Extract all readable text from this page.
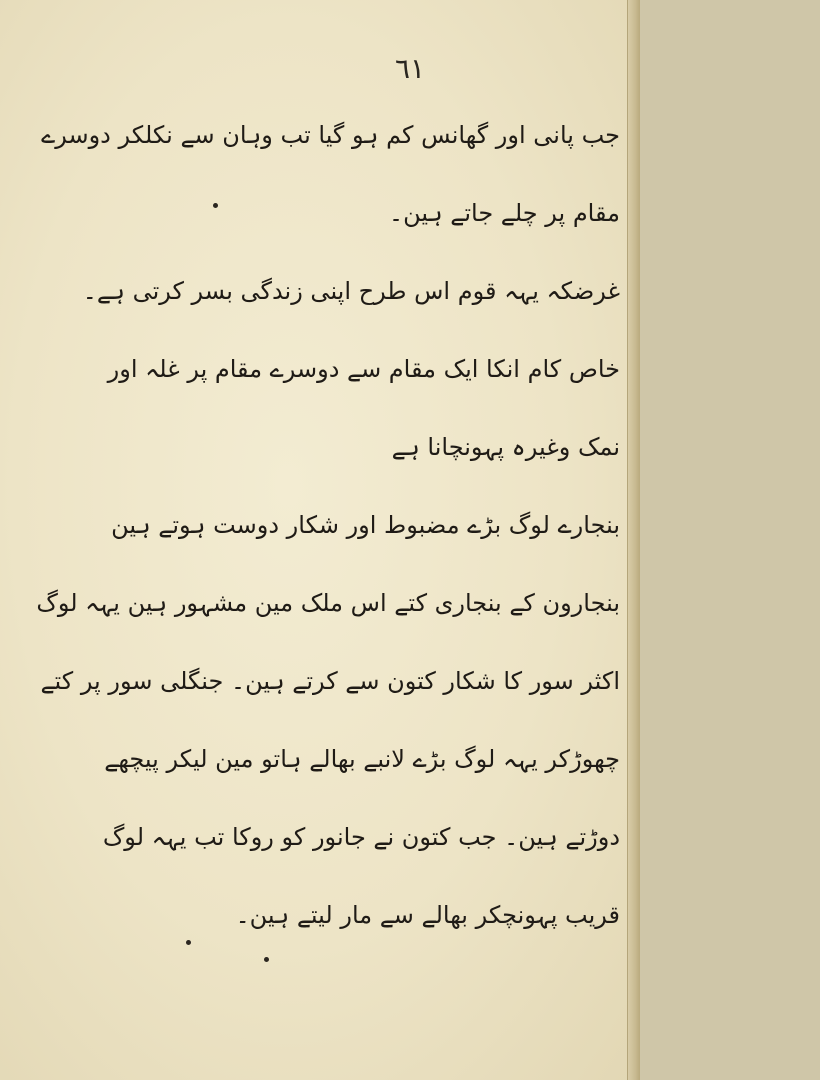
٦١
جب پانی اور گھانس کم ہو گیا تب وہان سے نکلکر دوسرے
مقام پر چلے جاتے ہین۔
غرضکہ یہہ قوم اس طرح اپنی زندگی بسر کرتی ہے۔
خاص کام انکا ایک مقام سے دوسرے مقام پر غلہ اور
نمک وغیرہ پہونچانا ہے
بنجارے لوگ بڑے مضبوط اور شکار دوست ہوتے ہین
بنجارون کے بنجاری کتے اس ملک مین مشہور ہین یہہ لوگ
اکثر سور کا شکار کتون سے کرتے ہین۔ جنگلی سور پر کتے
چھوڑکر یہہ لوگ بڑے لانبے بھالے ہاتو مین لیکر پیچھے
دوڑتے ہین۔ جب کتون نے جانور کو روکا تب یہہ لوگ
قریب پہونچکر بھالے سے مار لیتے ہین۔
